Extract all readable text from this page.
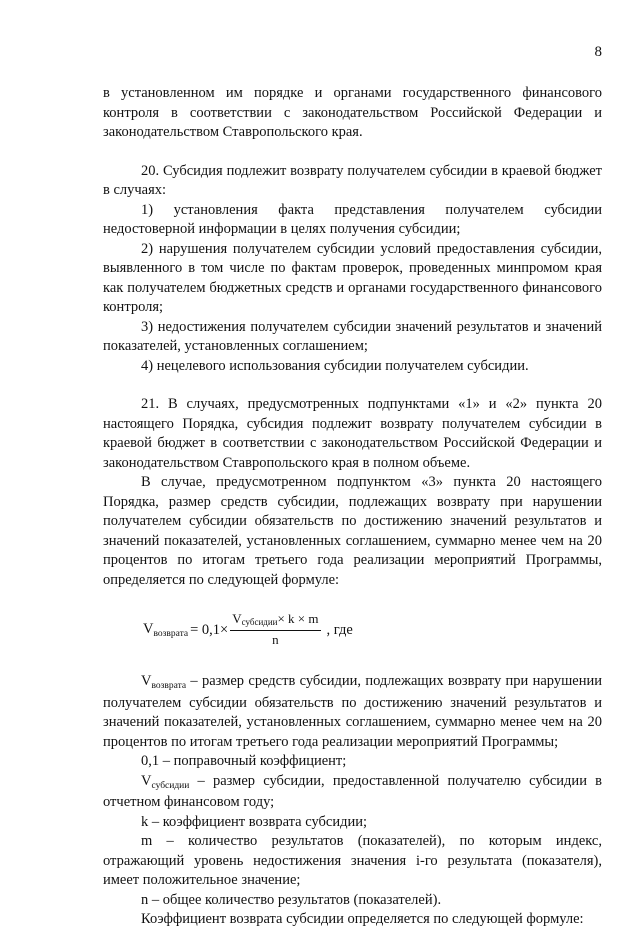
8

в установленном им порядке и органами государственного финансового контроля в соответствии с законодательством Российской Федерации и законодательством Ставропольского края.

20. Субсидия подлежит возврату получателем субсидии в краевой бюджет в случаях:

1) установления факта представления получателем субсидии недостоверной информации в целях получения субсидии;

2) нарушения получателем субсидии условий предоставления субсидии, выявленного в том числе по фактам проверок, проведенных минпромом края как получателем бюджетных средств и органами государственного финансового контроля;

3) недостижения получателем субсидии значений результатов и значений показателей, установленных соглашением;

4) нецелевого использования субсидии получателем субсидии.

21. В случаях, предусмотренных подпунктами «1» и «2» пункта 20 настоящего Порядка, субсидия подлежит возврату получателем субсидии в краевой бюджет в соответствии с законодательством Российской Федерации и законодательством Ставропольского края в полном объеме.

В случае, предусмотренном подпунктом «3» пункта 20 настоящего Порядка, размер средств субсидии, подлежащих возврату при нарушении получателем субсидии обязательств по достижению значений результатов и значений показателей, установленных соглашением, суммарно менее чем на 20 процентов по итогам третьего года реализации мероприятий Программы, определяется по следующей формуле:

$V_{возврата} = 0,1\times \frac{\text{Vсубсидии× k × m}}{n}$ , где

$V_{возврата}$ – размер средств субсидии, подлежащих возврату при нарушении получателем субсидии обязательств по достижению значений результатов и значений показателей, установленных соглашением, суммарно менее чем на 20 процентов по итогам третьего года реализации мероприятий Программы;

0,1 – поправочный коэффициент;

$V_{субсидии}$ – размер субсидии, предоставленной получателю субсидии в отчетном финансовом году;

k – коэффициент возврата субсидии;

m – количество результатов (показателей), по которым индекс, отражающий уровень недостижения значения i-го результата (показателя), имеет положительное значение;

n – общее количество результатов (показателей).

Коэффициент возврата субсидии определяется по следующей формуле:
